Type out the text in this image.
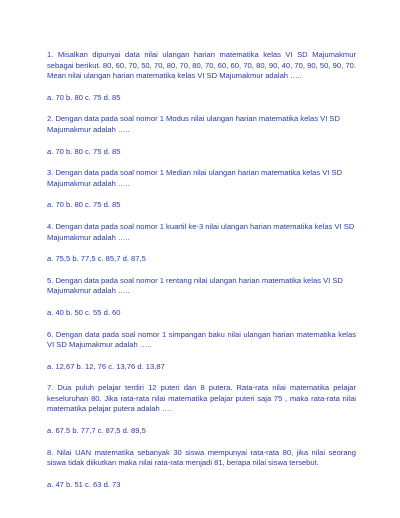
1. Misalkan dipunyai data nilai ulangan harian matematika kelas VI SD Majumakmur sebagai berikut. 80, 60, 70, 50, 70, 80, 70, 80, 70, 60, 60, 70, 80, 90, 40, 70, 90, 50, 90, 70. Mean nilai ulangan harian matematika kelas VI SD Majumakmur adalah …..

a. 70 b. 80 c. 75 d. 85

2. Dengan data pada soal nomor 1 Modus nilai ulangan harian matematika kelas VI SD Majumakmur adalah …..

a. 70 b. 80 c. 75 d. 85

3. Dengan data pada soal nomor 1 Median nilai ulangan harian matematika kelas VI SD Majumakmur adalah …..

a. 70 b. 80 c. 75 d. 85

4. Dengan data pada soal nomor 1 kuartil ke-3 nilai ulangan harian matematika kelas VI SD Majumakmur adalah …..

a. 75,5 b. 77,5 c. 85,7 d. 87,5

5. Dengan data pada soal nomor 1 rentang nilai ulangan harian matematika kelas VI SD Majumakmur adalah …..

a. 40 b. 50 c. 55 d. 60

6. Dengan data pada soal nomor 1 simpangan baku nilai ulangan harian matematika kelas VI SD Majumakmur adalah …..

a. 12,67 b. 12, 76 c. 13,76 d. 13,87

7. Dua puluh pelajar terdiri 12 puteri dan 8 putera. Rata-rata nilai matematika pelajar keseluruhan 80. Jika rata-rata nilai matematika pelajar puteri saja 75 , maka rata-rata nilai matematika pelajar putera adalah ….

a. 67.5 b. 77,7 c. 87,5 d. 89,5

8. Nilai UAN matematika sebanyak 30 siswa mempunyai rata-rata 80, jika nilai seorang siswa tidak diikutkan maka nilai rata-rata menjadi 81, berapa nilai siswa tersebut.

a. 47 b. 51 c. 63 d. 73
